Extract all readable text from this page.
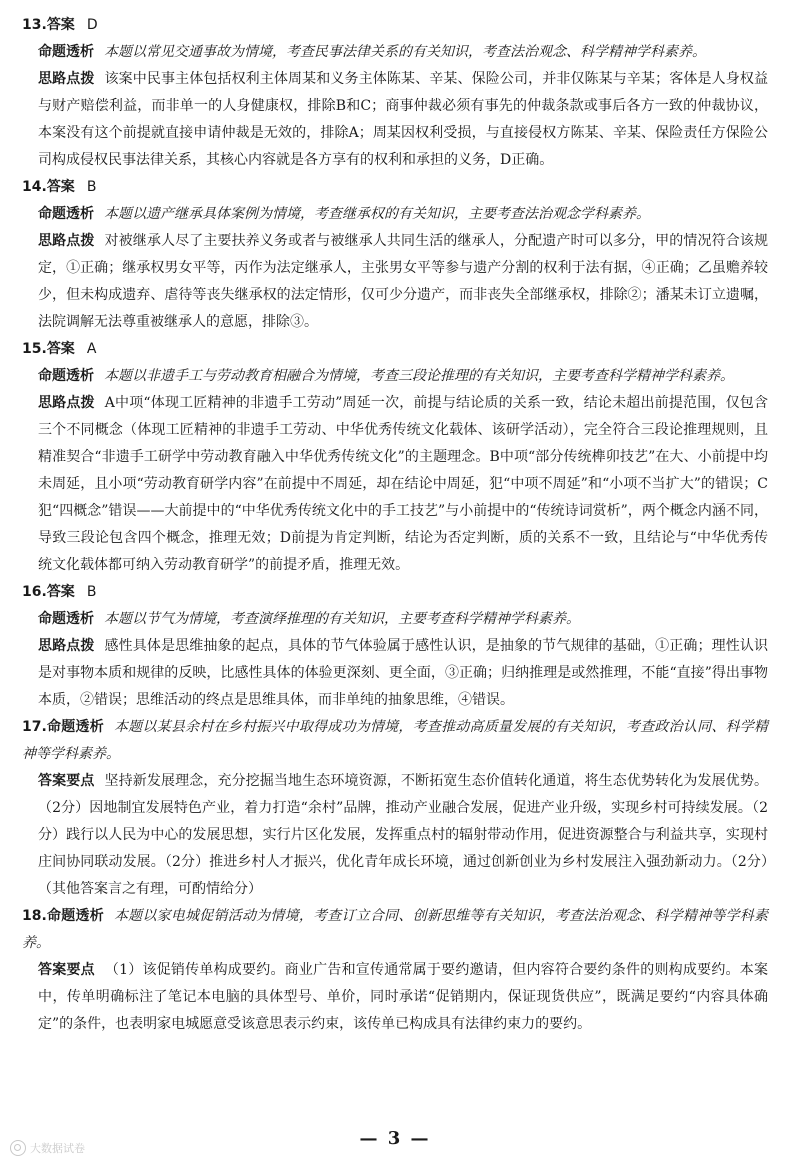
13.答案 D

命题透析 本题以常见交通事故为情境，考查民事法律关系的有关知识，考查法治观念、科学精神学科素养。

思路点拨 该案中民事主体包括权利主体周某和义务主体陈某、辛某、保险公司，并非仅陈某与辛某；客体是人身权益与财产赔偿利益，而非单一的人身健康权，排除B和C；商事仲裁必须有事先的仲裁条款或事后各方一致的仲裁协议，本案没有这个前提就直接申请仲裁是无效的，排除A；周某因权利受损，与直接侵权方陈某、辛某、保险责任方保险公司构成侵权民事法律关系，其核心内容就是各方享有的权利和承担的义务，D正确。

14.答案 B

命题透析 本题以遗产继承具体案例为情境，考查继承权的有关知识，主要考查法治观念学科素养。

思路点拨 对被继承人尽了主要扶养义务或者与被继承人共同生活的继承人，分配遗产时可以多分，甲的情况符合该规定，①正确；继承权男女平等，丙作为法定继承人，主张男女平等参与遗产分割的权利于法有据，④正确；乙虽赡养较少，但未构成遗弃、虐待等丧失继承权的法定情形，仅可少分遗产，而非丧失全部继承权，排除②；潘某未订立遗嘱，法院调解无法尊重被继承人的意愿，排除③。

15.答案 A

命题透析 本题以非遗手工与劳动教育相融合为情境，考查三段论推理的有关知识，主要考查科学精神学科素养。

思路点拨 A中项“体现工匠精神的非遗手工劳动”周延一次，前提与结论质的关系一致，结论未超出前提范围，仅包含三个不同概念（体现工匠精神的非遗手工劳动、中华优秀传统文化载体、该研学活动），完全符合三段论推理规则，且精准契合“非遗手工研学中劳动教育融入中华优秀传统文化”的主题理念。B中项“部分传统榫卯技艺”在大、小前提中均未周延，且小项“劳动教育研学内容”在前提中不周延，却在结论中周延，犯“中项不周延”和“小项不当扩大”的错误；C犯“四概念”错误——大前提中的“中华优秀传统文化中的手工技艺”与小前提中的“传统诗词赏析”，两个概念内涵不同，导致三段论包含四个概念，推理无效；D前提为肯定判断，结论为否定判断，质的关系不一致，且结论与“中华优秀传统文化载体都可纳入劳动教育研学”的前提矛盾，推理无效。

16.答案 B

命题透析 本题以节气为情境，考查演绎推理的有关知识，主要考查科学精神学科素养。

思路点拨 感性具体是思维抽象的起点，具体的节气体验属于感性认识，是抽象的节气规律的基础，①正确；理性认识是对事物本质和规律的反映，比感性具体的体验更深刻、更全面，③正确；归纳推理是或然推理，不能“直接”得出事物本质，②错误；思维活动的终点是思维具体，而非单纯的抽象思维，④错误。

17.命题透析 本题以某县余村在乡村振兴中取得成功为情境，考查推动高质量发展的有关知识，考查政治认同、科学精神等学科素养。

答案要点 坚持新发展理念，充分挖掘当地生态环境资源，不断拓宽生态价值转化通道，将生态优势转化为发展优势。（2分）因地制宜发展特色产业，着力打造“余村”品牌，推动产业融合发展，促进产业升级，实现乡村可持续发展。（2分）践行以人民为中心的发展思想，实行片区化发展，发挥重点村的辐射带动作用，促进资源整合与利益共享，实现村庄间协同联动发展。（2分）推进乡村人才振兴，优化青年成长环境，通过创新创业为乡村发展注入强劲新动力。（2分）（其他答案言之有理，可酌情给分）

18.命题透析 本题以家电城促销活动为情境，考查订立合同、创新思维等有关知识，考查法治观念、科学精神等学科素养。

答案要点 （1）该促销传单构成要约。商业广告和宣传通常属于要约邀请，但内容符合要约条件的则构成要约。本案中，传单明确标注了笔记本电脑的具体型号、单价，同时承诺“促销期内，保证现货供应”，既满足要约“内容具体确定”的条件，也表明家电城愿意受该意思表示约束，该传单已构成具有法律约束力的要约。

大数据试卷	— 3 —
